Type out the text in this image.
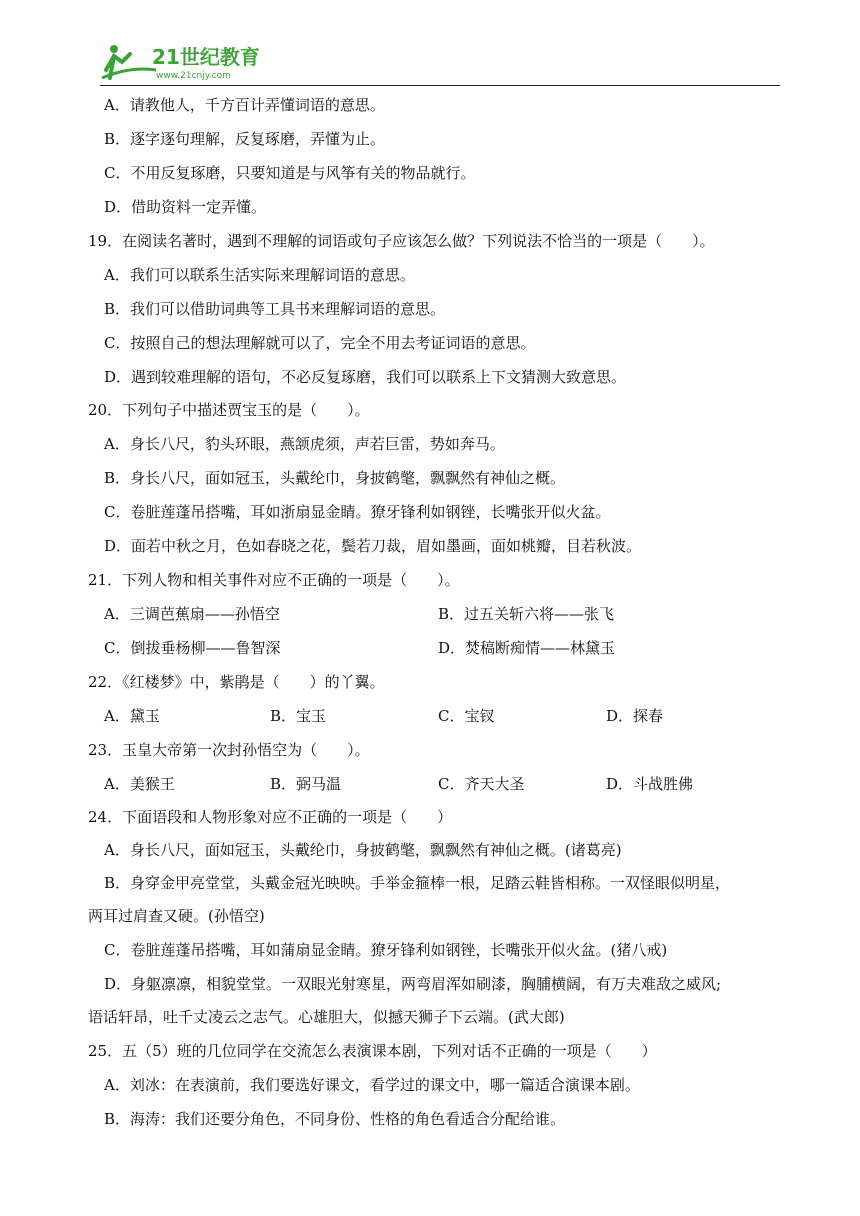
21世纪教育
www.21cnjy.com
A．请教他人，千方百计弄懂词语的意思。
B．逐字逐句理解，反复琢磨，弄懂为止。
C．不用反复琢磨，只要知道是与风筝有关的物品就行。
D．借助资料一定弄懂。
19．在阅读名著时，遇到不理解的词语或句子应该怎么做？下列说法不恰当的一项是（　　）。
A．我们可以联系生活实际来理解词语的意思。
B．我们可以借助词典等工具书来理解词语的意思。
C．按照自己的想法理解就可以了，完全不用去考证词语的意思。
D．遇到较难理解的语句，不必反复琢磨，我们可以联系上下文猜测大致意思。
20．下列句子中描述贾宝玉的是（　　）。
A．身长八尺，豹头环眼，燕颔虎须，声若巨雷，势如奔马。
B．身长八尺，面如冠玉，头戴纶巾，身披鹤氅，飘飘然有神仙之概。
C．卷脏莲蓬吊搭嘴，耳如浙扇显金睛。獠牙锋利如钢锉，长嘴张开似火盆。
D．面若中秋之月，色如春晓之花，鬓若刀裁，眉如墨画，面如桃瓣，目若秋波。
21．下列人物和相关事件对应不正确的一项是（　　）。
A．三调芭蕉扇——孙悟空	B．过五关斩六将——张飞
C．倒拔垂杨柳——鲁智深	D．焚稿断痴情——林黛玉
22．《红楼梦》中，紫鹃是（　　）的丫翼。
A．黛玉	B．宝玉	C．宝钗	D．探春
23．玉皇大帝第一次封孙悟空为（　　）。
A．美猴王	B．弼马温	C．齐天大圣	D．斗战胜佛
24．下面语段和人物形象对应不正确的一项是（　　）
A．身长八尺，面如冠玉，头戴纶巾，身披鹤氅，飘飘然有神仙之概。(诸葛亮)
B．身穿金甲亮堂堂，头戴金冠光映映。手举金箍棒一根，足踏云鞋皆相称。一双怪眼似明星，
两耳过肩查又硬。(孙悟空)
C．卷脏莲蓬吊搭嘴，耳如蒲扇显金睛。獠牙锋利如钢锉，长嘴张开似火盆。(猪八戒)
D．身躯凛凛，相貌堂堂。一双眼光射寒星，两弯眉浑如刷漆，胸脯横阔，有万夫难敌之威风;
语话轩昂，吐千丈凌云之志气。心雄胆大，似撼天狮子下云端。(武大郎)
25．五（5）班的几位同学在交流怎么表演课本剧，下列对话不正确的一项是（　　）
A．刘冰：在表演前，我们要选好课文，看学过的课文中，哪一篇适合演课本剧。
B．海涛：我们还要分角色，不同身份、性格的角色看适合分配给谁。
